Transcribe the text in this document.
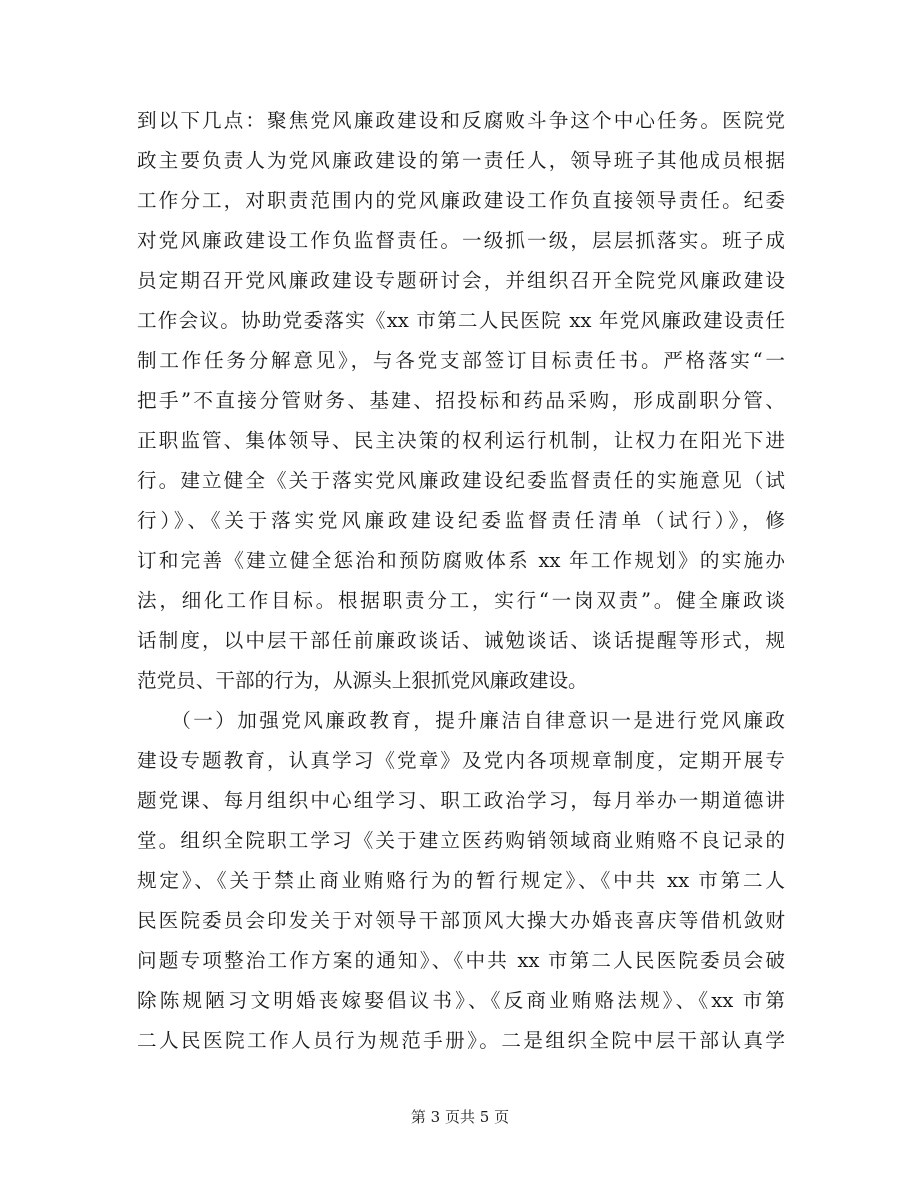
到以下几点：聚焦党风廉政建设和反腐败斗争这个中心任务。医院党
政主要负责人为党风廉政建设的第一责任人，领导班子其他成员根据
工作分工，对职责范围内的党风廉政建设工作负直接领导责任。纪委
对党风廉政建设工作负监督责任。一级抓一级，层层抓落实。班子成
员定期召开党风廉政建设专题研讨会，并组织召开全院党风廉政建设
工作会议。协助党委落实《xx 市第二人民医院 xx 年党风廉政建设责任
制工作任务分解意见》，与各党支部签订目标责任书。严格落实“一
把手”不直接分管财务、基建、招投标和药品采购，形成副职分管、
正职监管、集体领导、民主决策的权利运行机制，让权力在阳光下进
行。建立健全《关于落实党风廉政建设纪委监督责任的实施意见（试
行）》、《关于落实党风廉政建设纪委监督责任清单（试行）》，修
订和完善《建立健全惩治和预防腐败体系 xx 年工作规划》的实施办
法，细化工作目标。根据职责分工，实行“一岗双责”。健全廉政谈
话制度，以中层干部任前廉政谈话、诫勉谈话、谈话提醒等形式，规
范党员、干部的行为，从源头上狠抓党风廉政建设。
　　（一）加强党风廉政教育，提升廉洁自律意识一是进行党风廉政
建设专题教育，认真学习《党章》及党内各项规章制度，定期开展专
题党课、每月组织中心组学习、职工政治学习，每月举办一期道德讲
堂。组织全院职工学习《关于建立医药购销领域商业贿赂不良记录的
规定》、《关于禁止商业贿赂行为的暂行规定》、《中共 xx 市第二人
民医院委员会印发关于对领导干部顶风大操大办婚丧喜庆等借机敛财
问题专项整治工作方案的通知》、《中共 xx 市第二人民医院委员会破
除陈规陋习文明婚丧嫁娶倡议书》、《反商业贿赂法规》、《xx 市第
二人民医院工作人员行为规范手册》。二是组织全院中层干部认真学
第 3 页共 5 页
